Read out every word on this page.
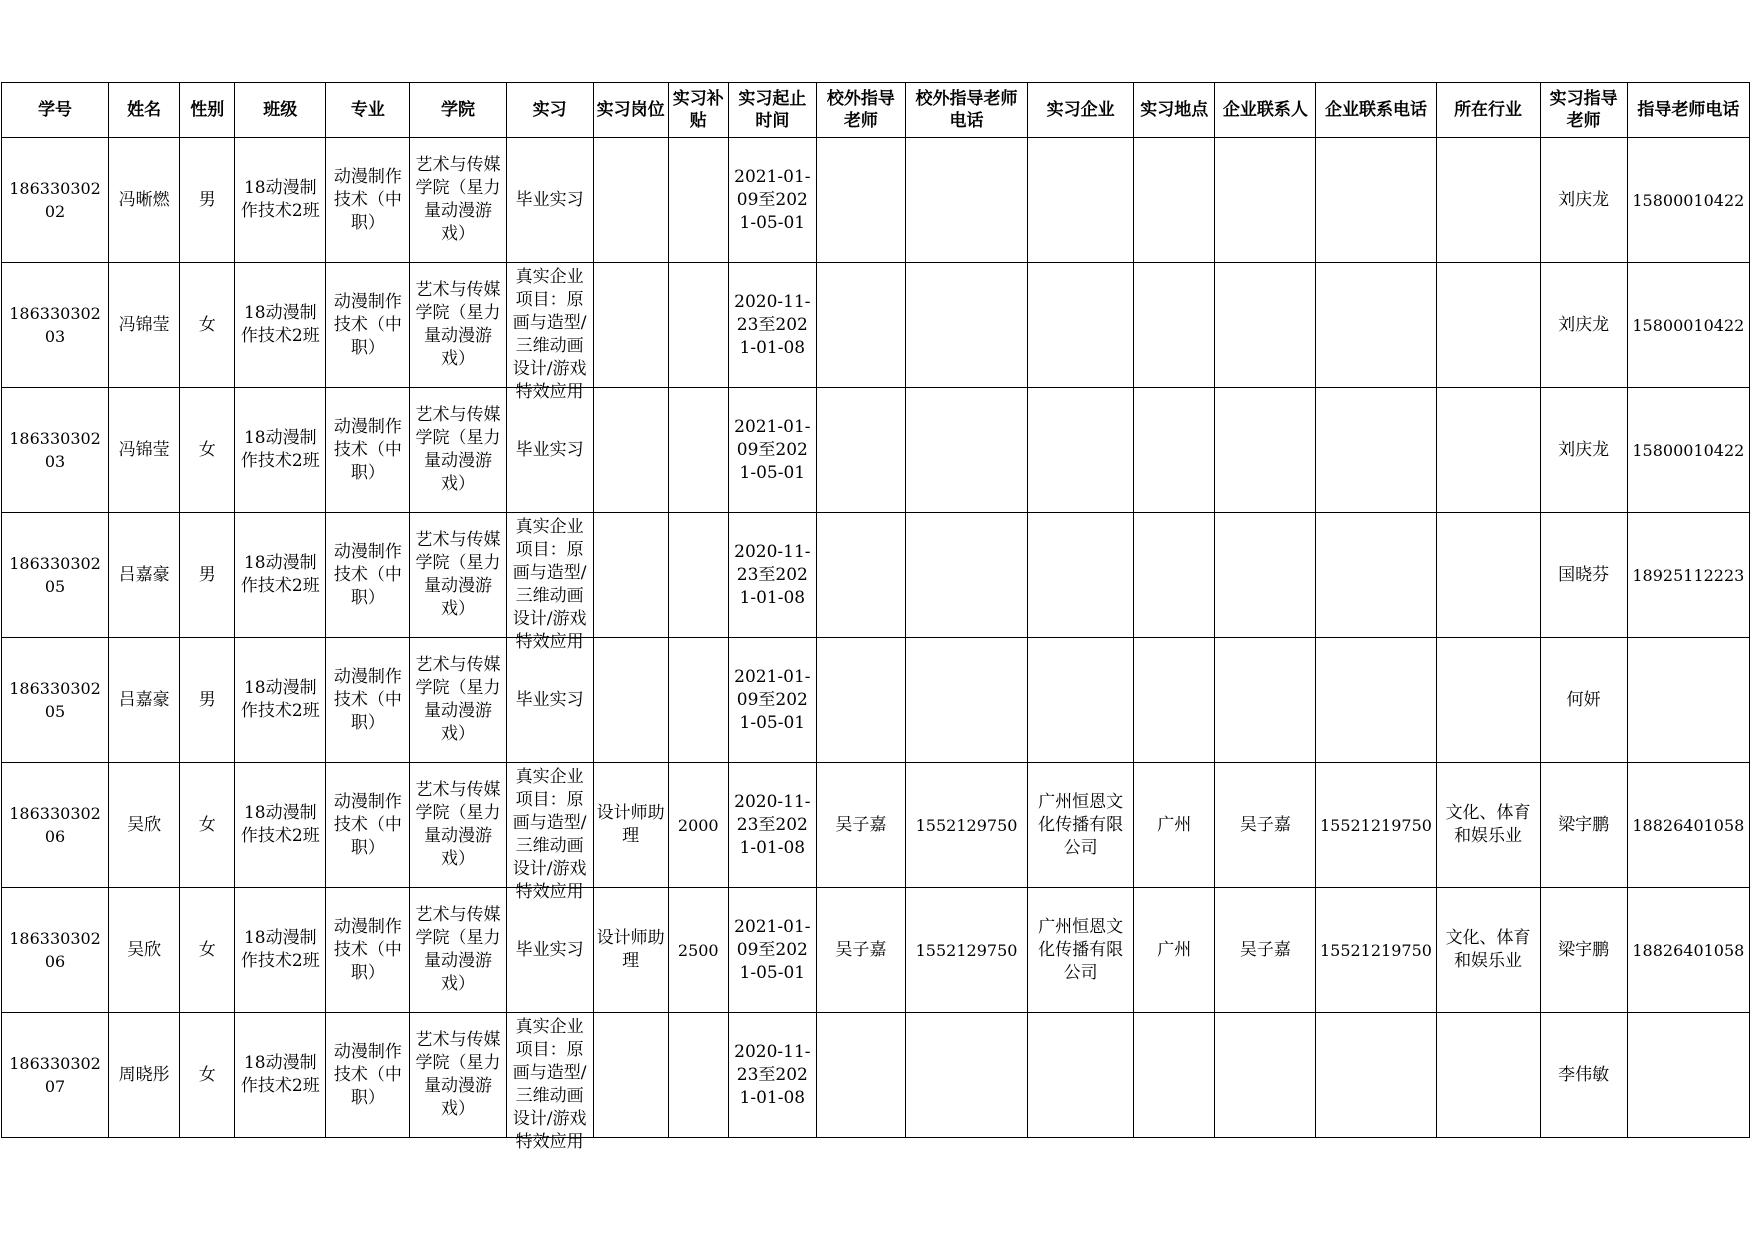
学号	姓名	性别	班级	专业	学院	实习	实习岗位	实习补贴	实习起止时间	校外指导老师	校外指导老师电话	实习企业	实习地点	企业联系人	企业联系电话	所在行业	实习指导老师	指导老师电话

18633030202	冯晰燃	男	18动漫制作技术2班	动漫制作技术（中职）	艺术与传媒学院（星力量动漫游戏）	毕业实习			2021-01-09至2021-05-01								刘庆龙	15800010422

18633030203	冯锦莹	女	18动漫制作技术2班	动漫制作技术（中职）	艺术与传媒学院（星力量动漫游戏）	真实企业项目：原画与造型/三维动画设计/游戏特效应用			2020-11-23至2021-01-08								刘庆龙	15800010422

18633030203	冯锦莹	女	18动漫制作技术2班	动漫制作技术（中职）	艺术与传媒学院（星力量动漫游戏）	毕业实习			2021-01-09至2021-05-01								刘庆龙	15800010422

18633030205	吕嘉豪	男	18动漫制作技术2班	动漫制作技术（中职）	艺术与传媒学院（星力量动漫游戏）	真实企业项目：原画与造型/三维动画设计/游戏特效应用			2020-11-23至2021-01-08								国晓芬	18925112223

18633030205	吕嘉豪	男	18动漫制作技术2班	动漫制作技术（中职）	艺术与传媒学院（星力量动漫游戏）	毕业实习			2021-01-09至2021-05-01								何妍	

18633030206	吴欣	女	18动漫制作技术2班	动漫制作技术（中职）	艺术与传媒学院（星力量动漫游戏）	真实企业项目：原画与造型/三维动画设计/游戏特效应用	设计师助理	2000	2020-11-23至2021-01-08	吴子嘉	1552129750	广州恒恩文化传播有限公司	广州	吴子嘉	15521219750	文化、体育和娱乐业	梁宇鹏	18826401058

18633030206	吴欣	女	18动漫制作技术2班	动漫制作技术（中职）	艺术与传媒学院（星力量动漫游戏）	毕业实习	设计师助理	2500	2021-01-09至2021-05-01	吴子嘉	1552129750	广州恒恩文化传播有限公司	广州	吴子嘉	15521219750	文化、体育和娱乐业	梁宇鹏	18826401058

18633030207	周晓彤	女	18动漫制作技术2班	动漫制作技术（中职）	艺术与传媒学院（星力量动漫游戏）	真实企业项目：原画与造型/三维动画设计/游戏特效应用			2020-11-23至2021-01-08								李伟敏	
